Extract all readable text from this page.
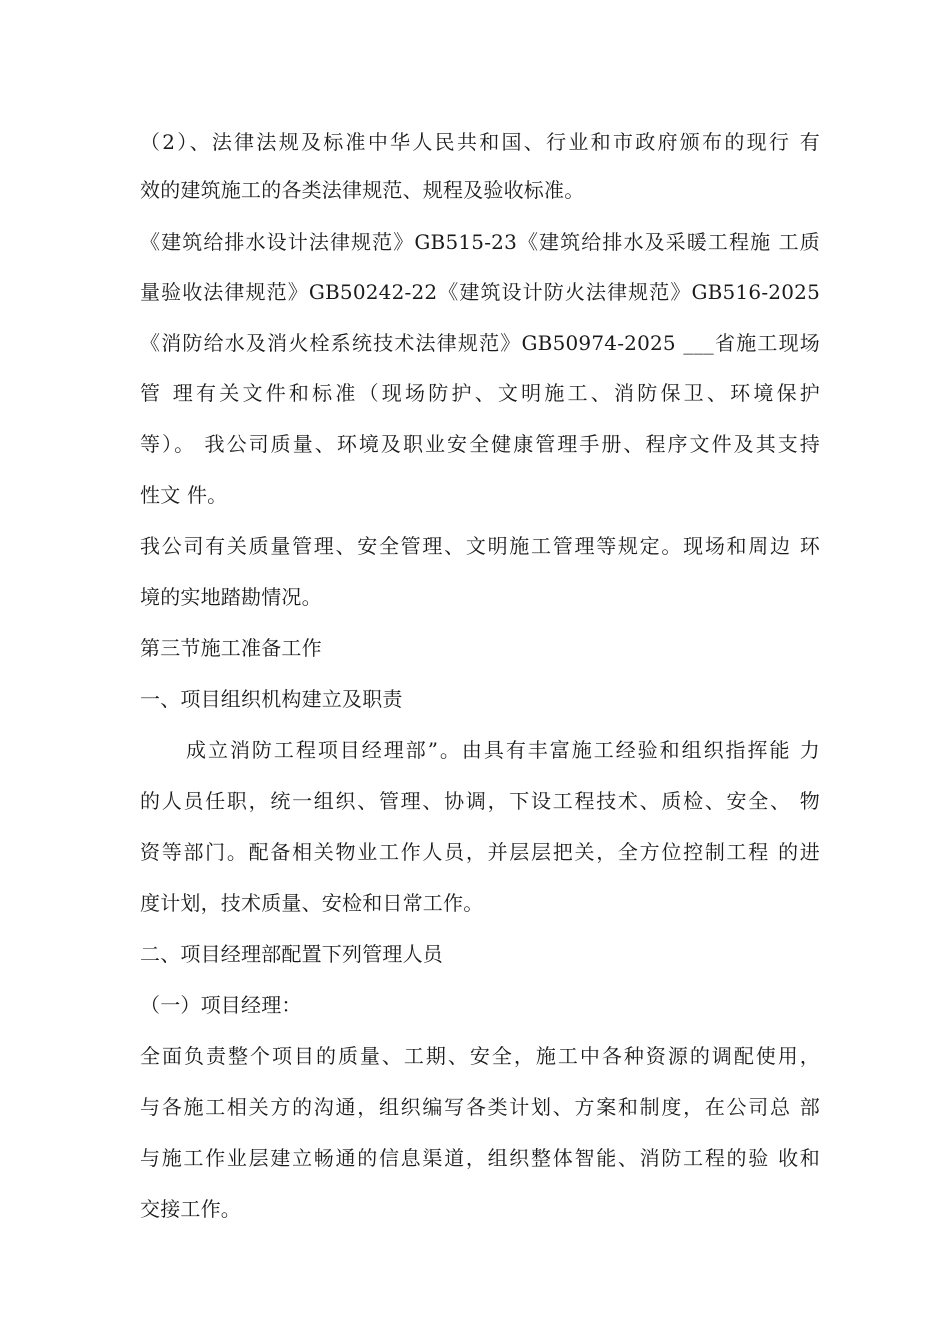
（2）、法律法规及标准中华人民共和国、行业和市政府颁布的现行 有
效的建筑施工的各类法律规范、规程及验收标准。
《建筑给排水设计法律规范》GB515-23《建筑给排水及采暖工程施 工质
量验收法律规范》GB50242-22《建筑设计防火法律规范》GB516-2025
《消防给水及消火栓系统技术法律规范》GB50974-2025 ___省施工现场
管 理有关文件和标准（现场防护、文明施工、消防保卫、环境保护
等）。 我公司质量、环境及职业安全健康管理手册、程序文件及其支持
性文 件。
我公司有关质量管理、安全管理、文明施工管理等规定。现场和周边 环
境的实地踏勘情况。
第三节施工准备工作
一、项目组织机构建立及职责
成立消防工程项目经理部”。由具有丰富施工经验和组织指挥能 力
的人员任职，统一组织、管理、协调，下设工程技术、质检、安全、 物
资等部门。配备相关物业工作人员，并层层把关，全方位控制工程 的进
度计划，技术质量、安检和日常工作。
二、项目经理部配置下列管理人员
（一）项目经理：
全面负责整个项目的质量、工期、安全，施工中各种资源的调配使用，
与各施工相关方的沟通，组织编写各类计划、方案和制度，在公司总 部
与施工作业层建立畅通的信息渠道，组织整体智能、消防工程的验 收和
交接工作。
